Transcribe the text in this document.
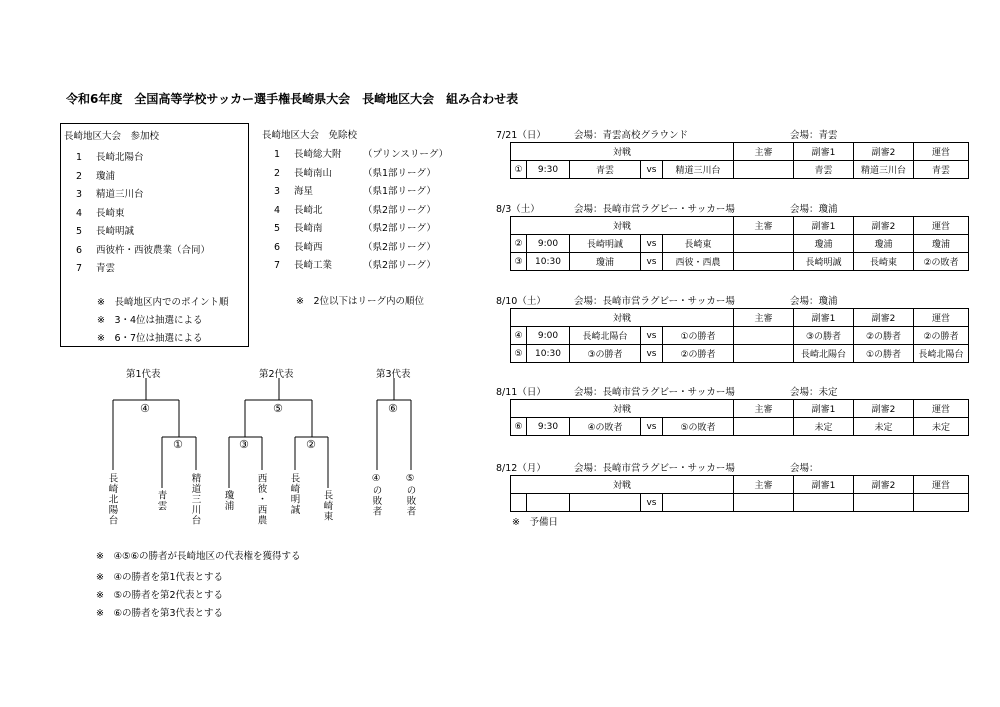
令和6年度　全国高等学校サッカー選手権長崎県大会　長崎地区大会　組み合わせ表
長崎地区大会　参加校
1 長崎北陽台
2 瓊浦
3 精道三川台
4 長崎東
5 長崎明誠
6 西彼杵・西彼農業（合同）
7 青雲
※　長崎地区内でのポイント順
※　3・4位は抽選による
※　6・7位は抽選による
長崎地区大会　免除校
1 長崎総大附 （プリンスリーグ）
2 長崎南山	（県1部リーグ）
3 海星	（県1部リーグ）
4 長崎北	（県2部リーグ）
5 長崎南	（県2部リーグ）
6 長崎西	（県2部リーグ）
7 長崎工業	（県2部リーグ）
※　2位以下はリーグ内の順位
第1代表	第2代表	第3代表
④
①
⑤
③	②
⑥
長崎北陽台	青雲 精道三川台 瓊浦 西彼・西農 長崎明誠 長崎東	④の敗者 ⑤の敗者
※　④⑤⑥の勝者が長崎地区の代表権を獲得する
※　④の勝者を第1代表とする
※　⑤の勝者を第2代表とする
※　⑥の勝者を第3代表とする
7/21（日）	会場：青雲高校グラウンド	会場：青雲
対戦					主審	副審1	副審2	運営
①	9:30	青雲	vs	精道三川台		青雲	精道三川台	青雲
8/3（土）	会場：長崎市営ラグビー・サッカー場	会場：瓊浦
対戦					主審	副審1	副審2	運営
②	9:00	長崎明誠	vs	長崎東		瓊浦	瓊浦	瓊浦
③	10:30	瓊浦	vs	西彼・西農		長崎明誠	長崎東	②の敗者
8/10（土）	会場：長崎市営ラグビー・サッカー場	会場：瓊浦
対戦					主審	副審1	副審2	運営
④	9:00	長崎北陽台	vs	①の勝者		③の勝者	②の勝者	②の勝者
⑤	10:30	③の勝者	vs	②の勝者		長崎北陽台	①の勝者	長崎北陽台
8/11（日）	会場：長崎市営ラグビー・サッカー場	会場：未定
対戦					主審	副審1	副審2	運営
⑥	9:30	④の敗者	vs	⑤の敗者		未定	未定	未定
8/12（月）	会場：長崎市営ラグビー・サッカー場	会場：
対戦					主審	副審1	副審2	運営
			vs					
※　予備日
